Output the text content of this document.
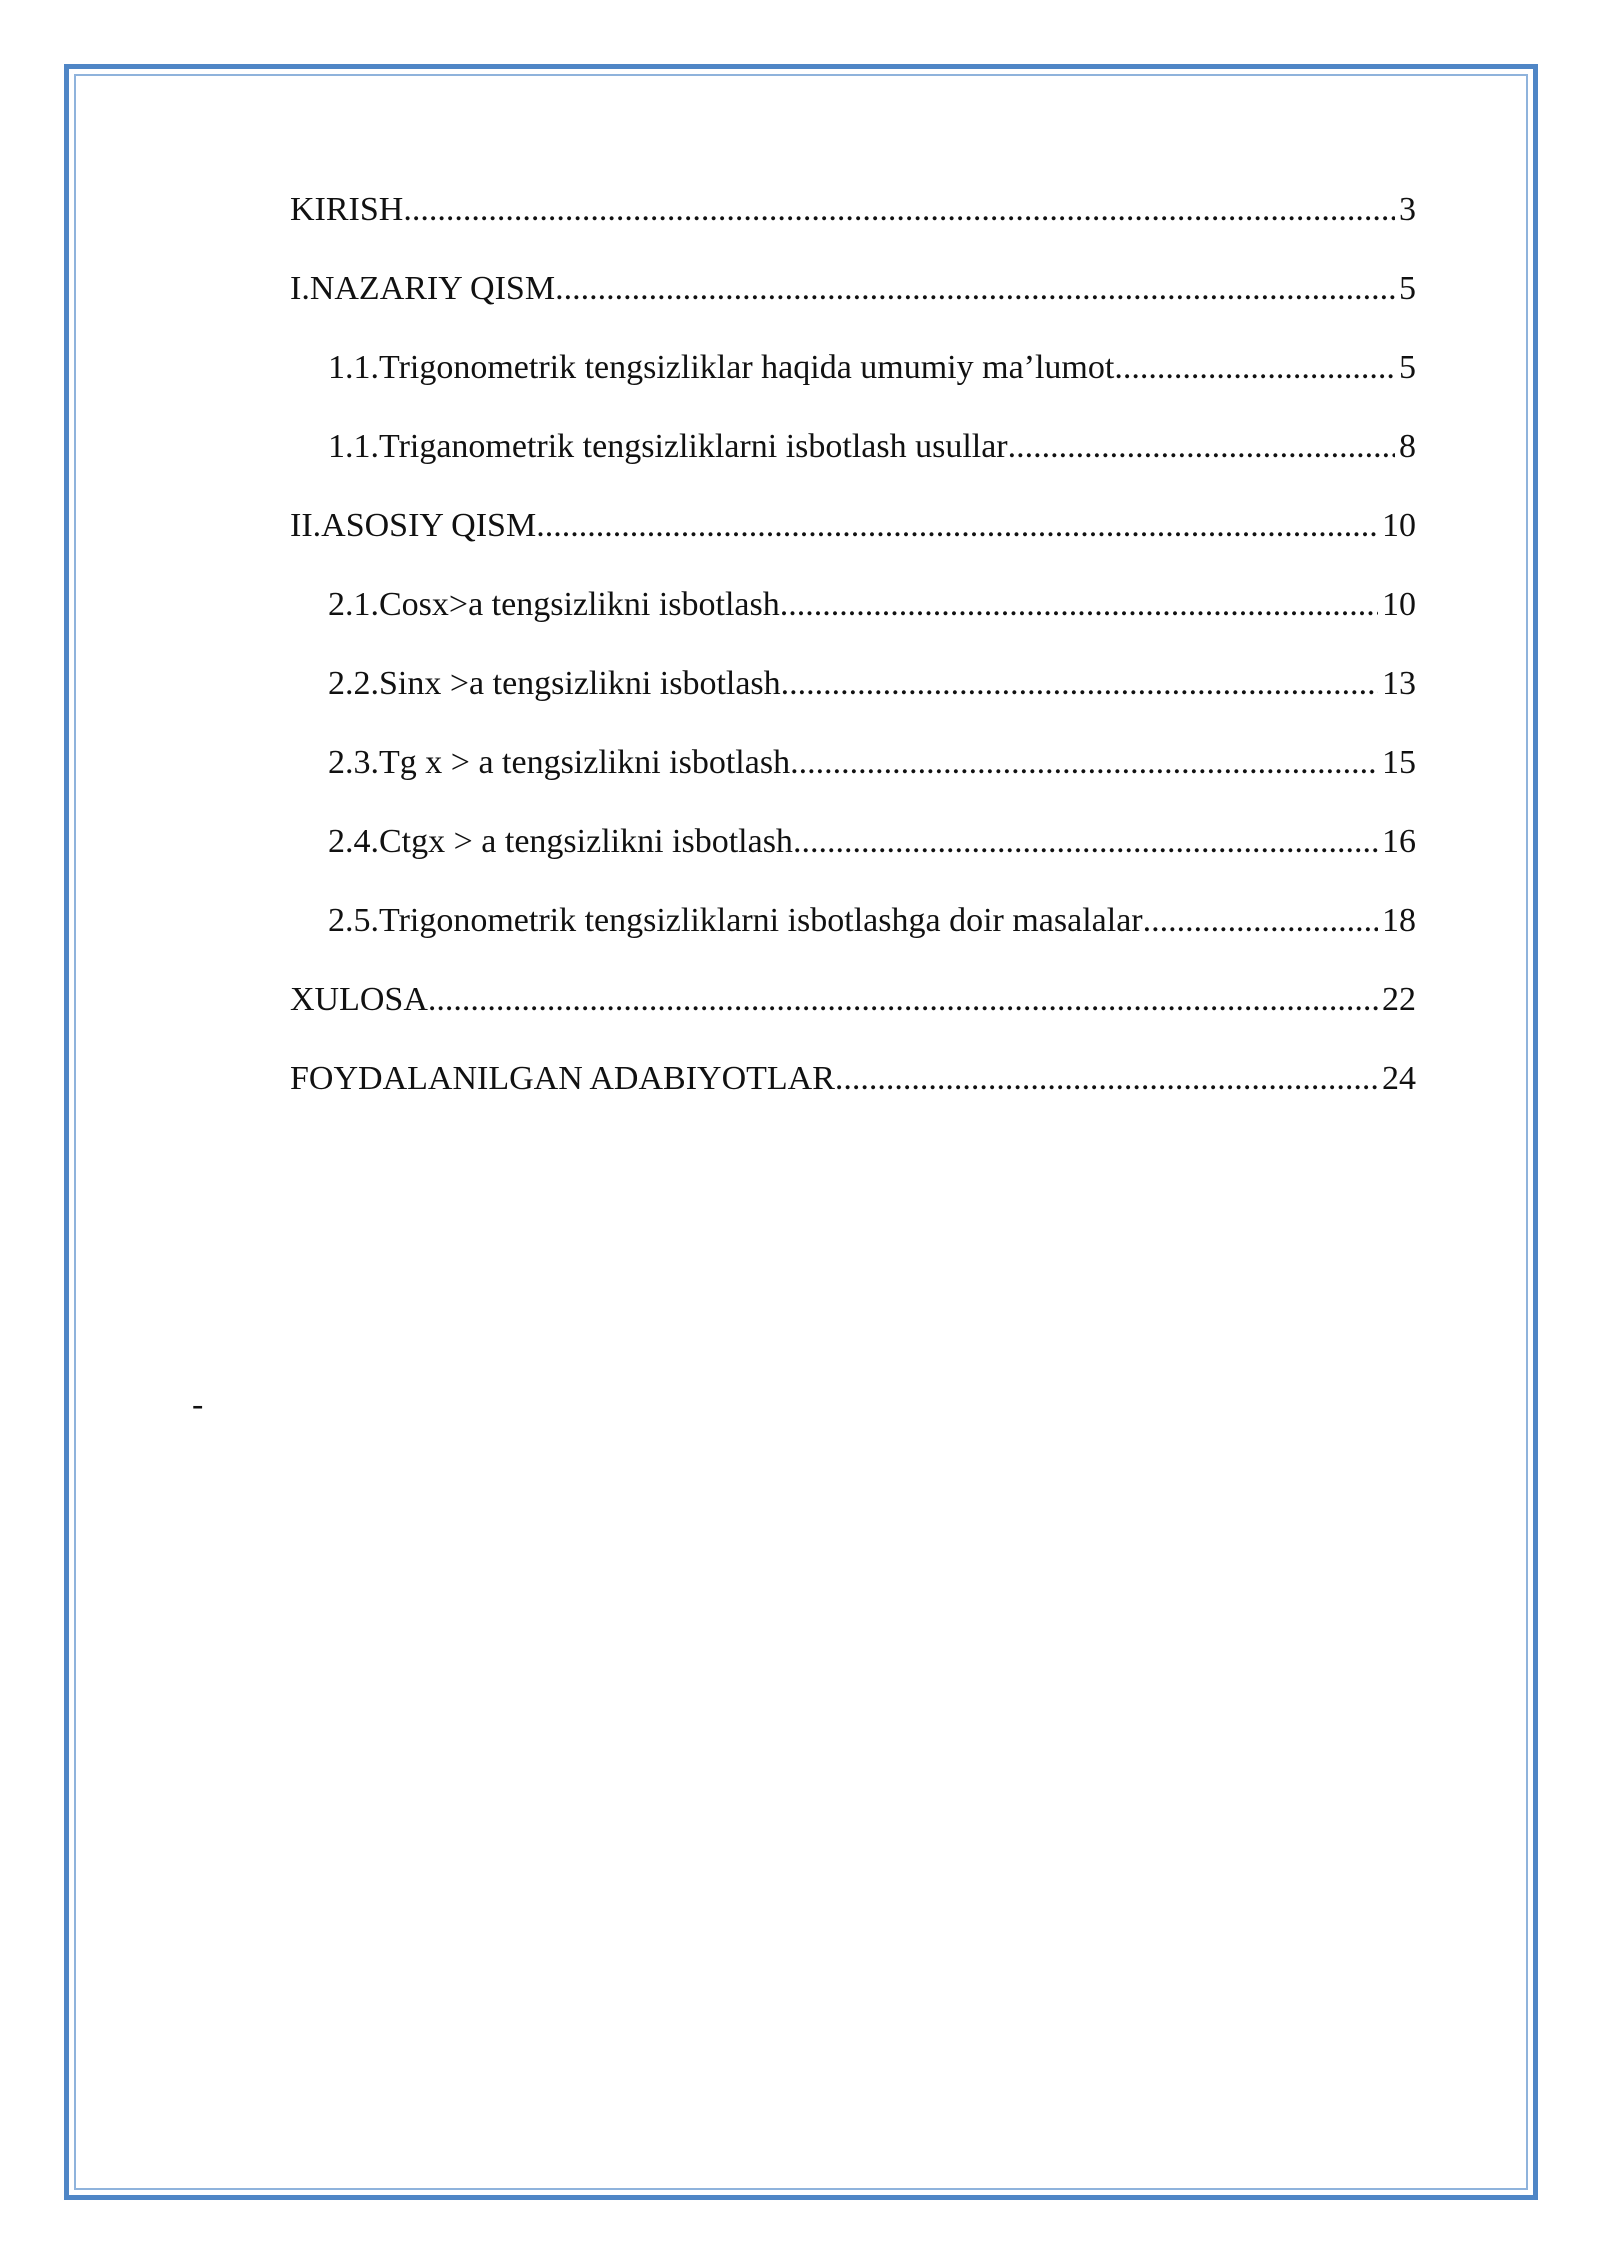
KIRISH .....	3
I.NAZARIY QISM .....	5
1.1.Trigonometrik tengsizliklar haqida umumiy ma’lumot .....	5
1.1.Triganometrik tengsizliklarni isbotlash usullar .....	8
II.ASOSIY QISM .....	10
2.1.Cosx>a tengsizlikni isbotlash .....	10
2.2.Sinx >a tengsizlikni isbotlash .....	13
2.3.Tg x > a tengsizlikni isbotlash .....	15
2.4.Ctgx > a tengsizlikni isbotlash .....	16
2.5.Trigonometrik tengsizliklarni isbotlashga doir masalalar .....	18
XULOSA .....	22
FOYDALANILGAN ADABIYOTLAR .....	24
-
